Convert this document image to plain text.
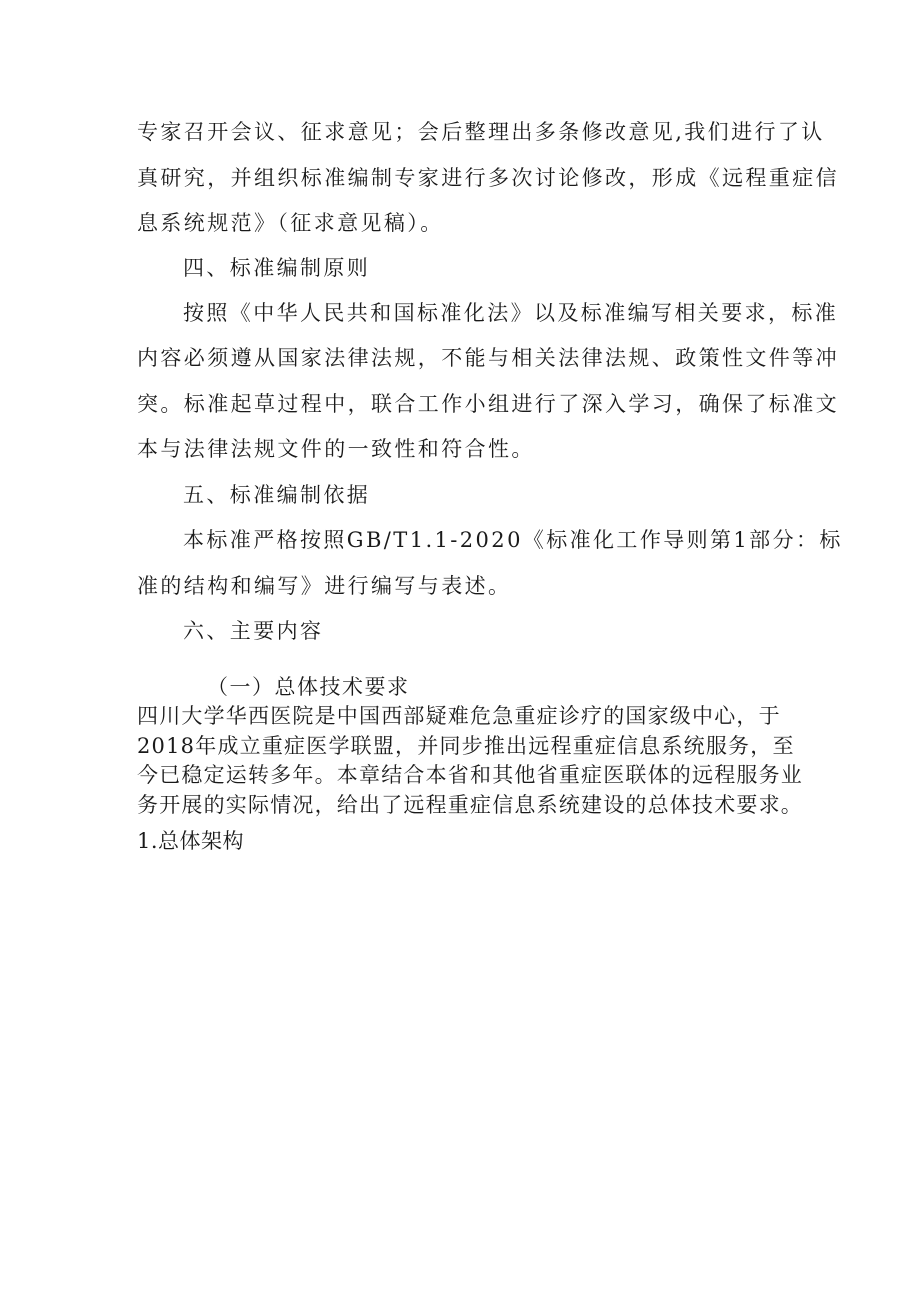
专家召开会议、征求意见；会后整理出多条修改意见,我们进行了认

真研究，并组织标准编制专家进行多次讨论修改，形成《远程重症信

息系统规范》（征求意见稿）。

四、标准编制原则

按照《中华人民共和国标准化法》以及标准编写相关要求，标准

内容必须遵从国家法律法规，不能与相关法律法规、政策性文件等冲

突。标准起草过程中，联合工作小组进行了深入学习，确保了标准文

本与法律法规文件的一致性和符合性。

五、标准编制依据

本标准严格按照GB/T1.1-2020《标准化工作导则第1部分：标

准的结构和编写》进行编写与表述。

六、主要内容

（一）总体技术要求

四川大学华西医院是中国西部疑难危急重症诊疗的国家级中心，于

2018年成立重症医学联盟，并同步推出远程重症信息系统服务，至

今已稳定运转多年。本章结合本省和其他省重症医联体的远程服务业

务开展的实际情况，给出了远程重症信息系统建设的总体技术要求。

1.总体架构
